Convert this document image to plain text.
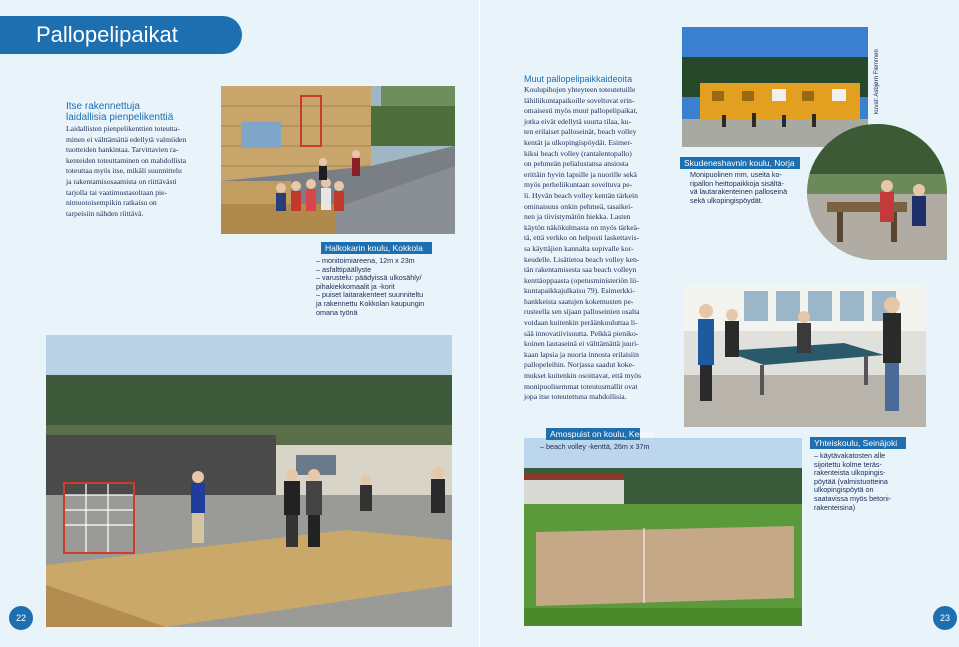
Pallopelipaikat
Itse rakennettuja
laidallisia pienpelikenttiä
Laidallisten pienpelikenttien toteutta-
minen ei välttämättä edellytä valmiiden
tuotteiden hankintaa. Tarvittavien ra-
kenteiden toteuttaminen on mahdollista
toteuttaa myös itse, mikäli suunnittelu
ja rakentamisosaamista on riittävästi
tarjolla tai vaatimustasoltaan pie-
nimuotoisempikin ratkaisu on
tarpeisiin nähden riittävä.
Halkokarin koulu, Kokkola
– monitoimiareena, 12m x 23m
– asfalttipäällyste
– varustelu: päädyissä ulkosähly/
pihakiekkomaalit ja -korit
– puiset laitarakenteet suunniteltu
ja rakennettu Kokkolan kaupungin
omana työnä
22
Muut pallopelipaikkaideoita
Koulupihojen yhteyteen toteutetuille
lähiliikuntapaikoille soveltuvat erin-
omaisesti myös muut pallopelipaikat,
jotka eivät edellytä suurta tilaa, ku-
ten erilaiset palloseinät, beach volley
kentät ja ulkopingispöydät. Esimer-
kiksi beach volley (rantalentopallo)
on pehmeän pelialustansa ansiosta
erittäin hyvin lapsille ja nuorille sekä
myös perheliikuntaan soveltuva pe-
li. Hyvän beach volley kentän tärkein
ominaisuus onkin pehmeä, tasaikei-
nen ja tiivistymätön hiekka. Lasten
käytön näkökulmasta on myös tärkeä-
tä, että verkko on helposti laskettavis-
sa käyttäjien kannalta sopivalle kor-
keudelle. Lisätietoa beach volley ken-
tän rakentamisesta saa beach volleyn
kenttäoppaasta (opetusministeriön lii-
kuntapaikkajulkaisu 79). Esimerkki-
hankkeista saatujen kokemusten pe-
rusteella sen sijaan palloseinien osalta
voidaan kuitenkin peräänkuuluttaa li-
sää innovatiivisuutta. Pelkkä pieniko-
koinen lautaseinä ei välttämättä juuri-
kaan lapsia ja nuoria innosta erilaisiin
pallopeleihin. Norjassa saadut koke-
mukset kuitenkin osoittavat, että myös
monipuolisemmat toteutusmallit ovat
jopa itse toteutettuna mahdollisia.
kuvat: Asbjørn Flemmen
Skudeneshavnin koulu, Norja
Monipuolinen mm. useita ko-
ripallon heittopaikkoja sisältä-
vä lautarakenteinen palloseinä
sekä ulkopingispöydät.
Amospuist on koulu, Kemiö
– beach volley -kenttä, 26m x 37m	Yhteiskoulu, Seinäjoki
– käytävakatosten alle
sijoitettu kolme teräs-
rakenteista ulkopingis-
pöytää (valmistuotteina
ulkopingispöytä on
saatavissa myös betoni-
rakenteisina)
23
